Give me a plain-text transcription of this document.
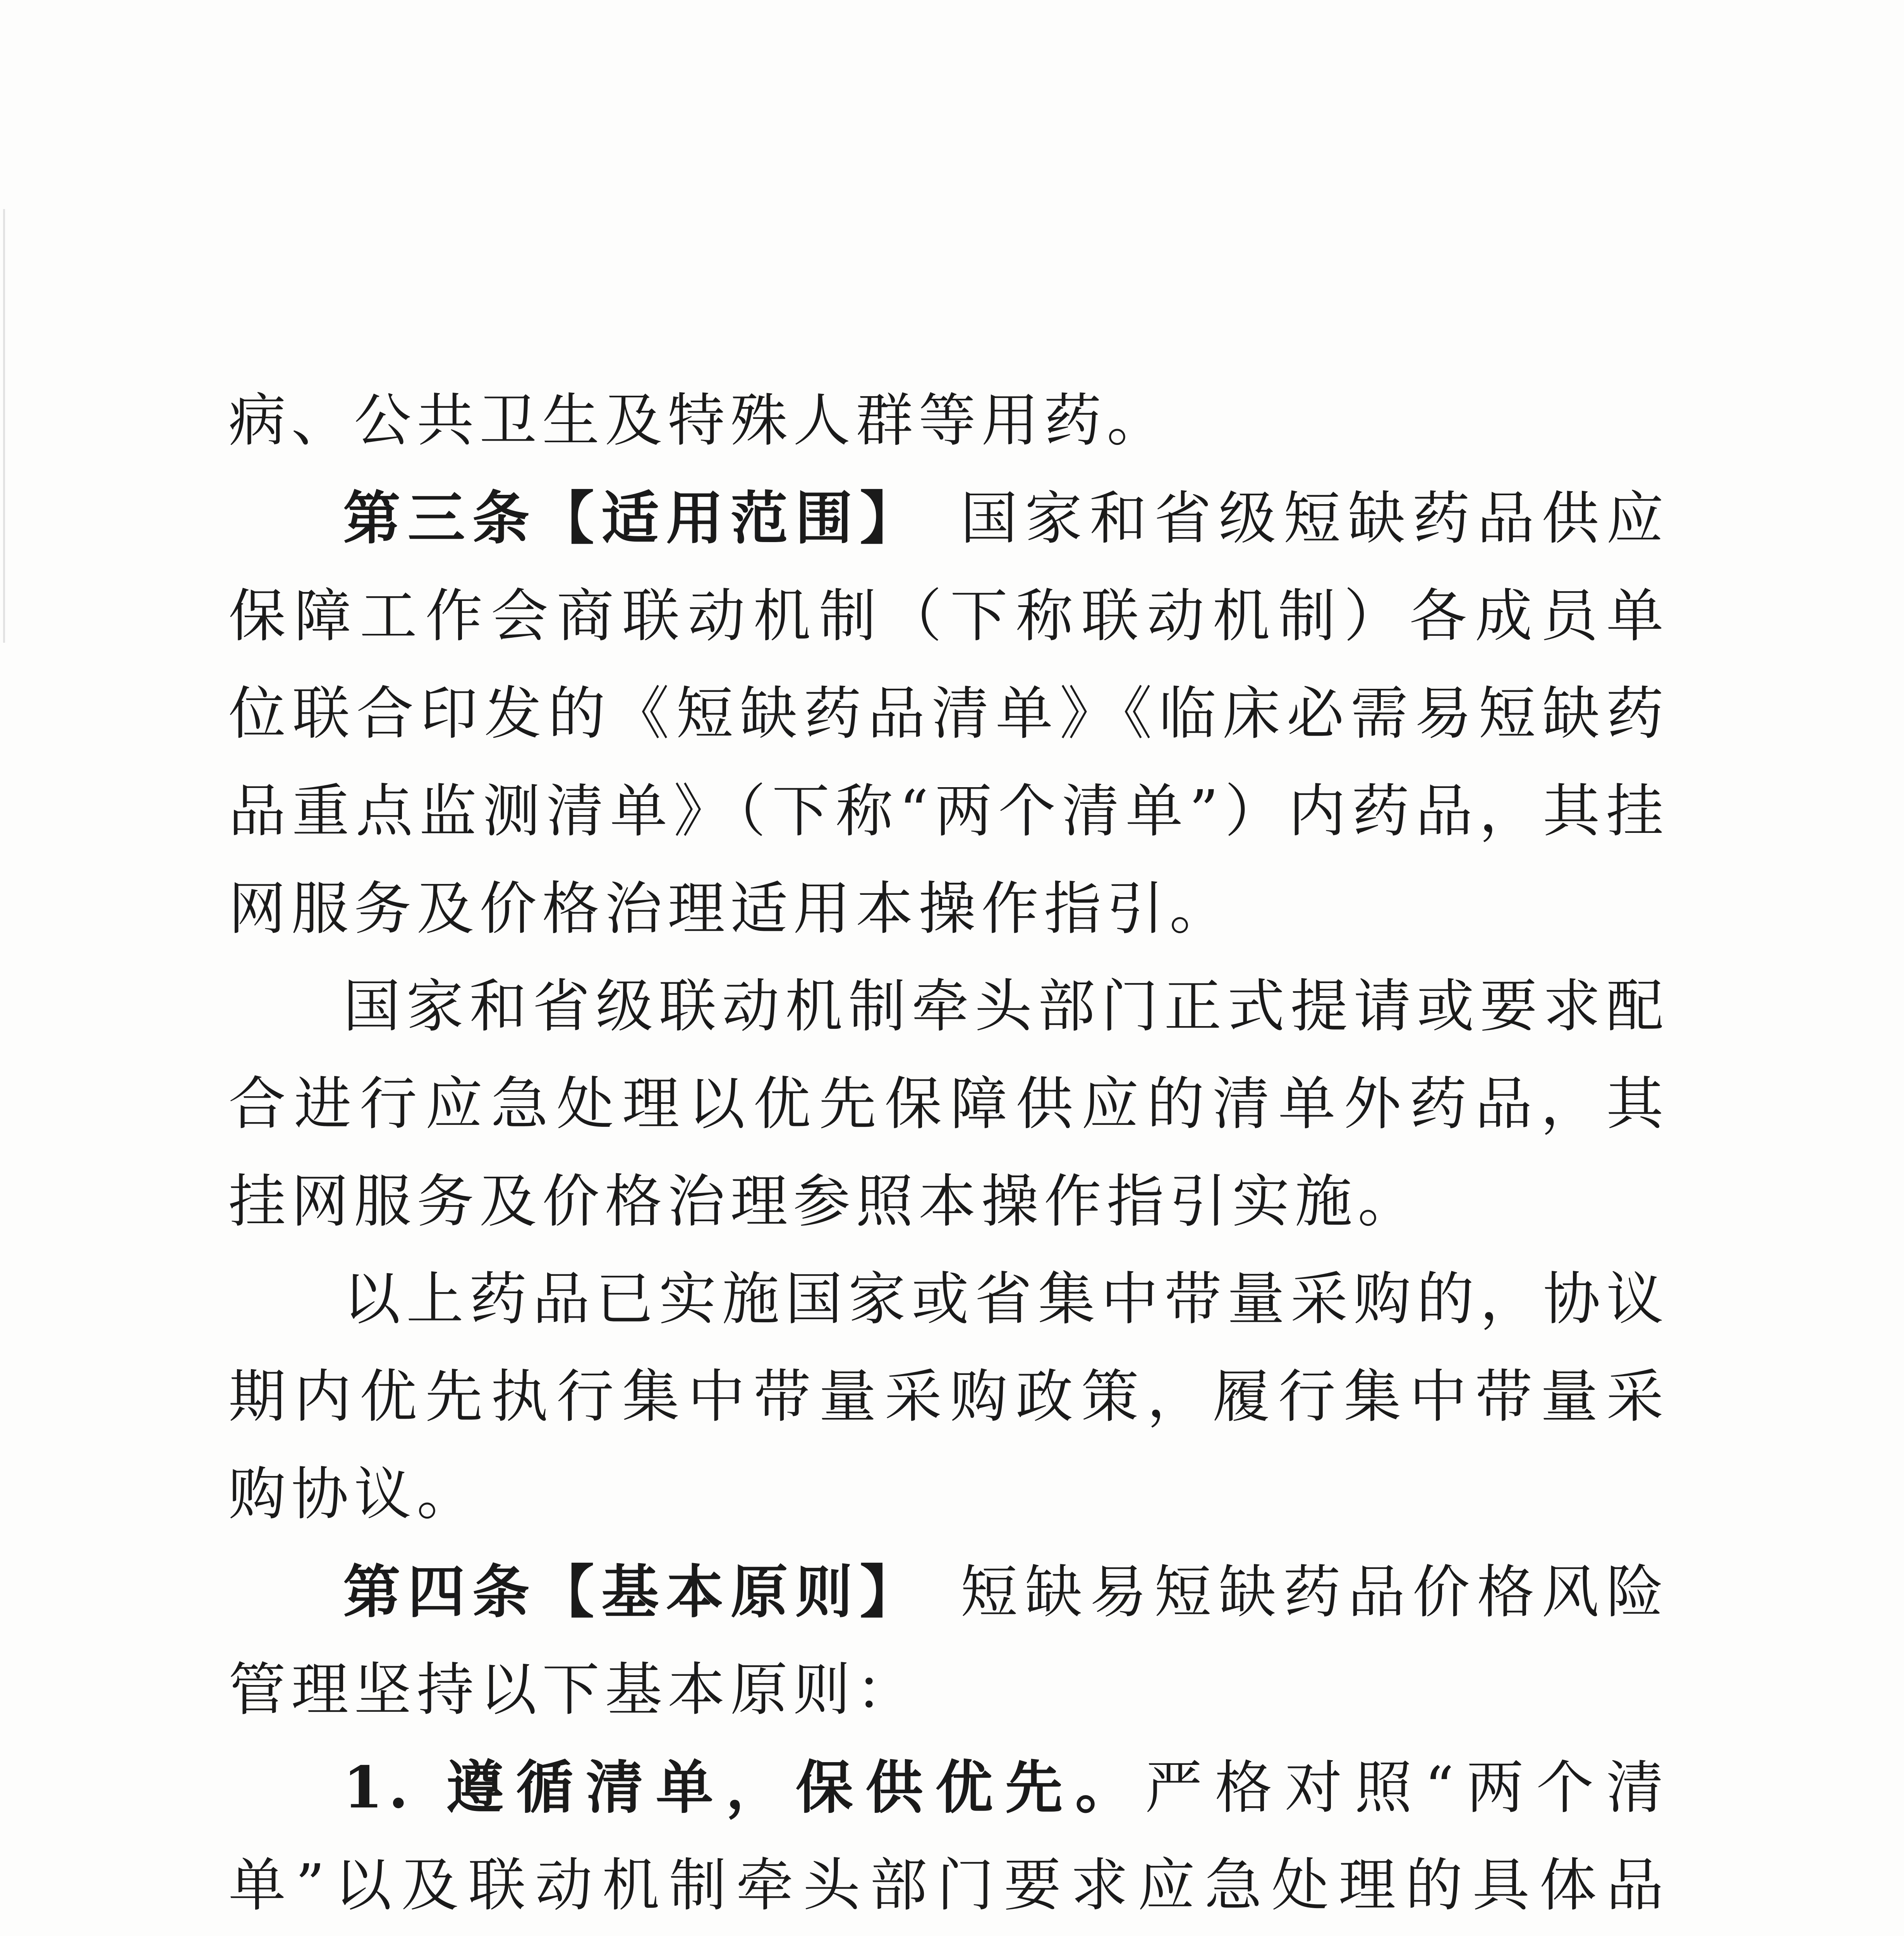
病、公共卫生及特殊人群等用药。

第三条【适用范围】　国家和省级短缺药品供应保障工作会商联动机制（下称联动机制）各成员单位联合印发的《短缺药品清单》《临床必需易短缺药品重点监测清单》（下称“两个清单”）内药品，其挂网服务及价格治理适用本操作指引。

国家和省级联动机制牵头部门正式提请或要求配合进行应急处理以优先保障供应的清单外药品，其挂网服务及价格治理参照本操作指引实施。

以上药品已实施国家或省集中带量采购的，协议期内优先执行集中带量采购政策，履行集中带量采购协议。

第四条【基本原则】　短缺易短缺药品价格风险管理坚持以下基本原则：

1. 遵循清单，保供优先。严格对照“两个清单”以及联动机制牵头部门要求应急处理的具体品
